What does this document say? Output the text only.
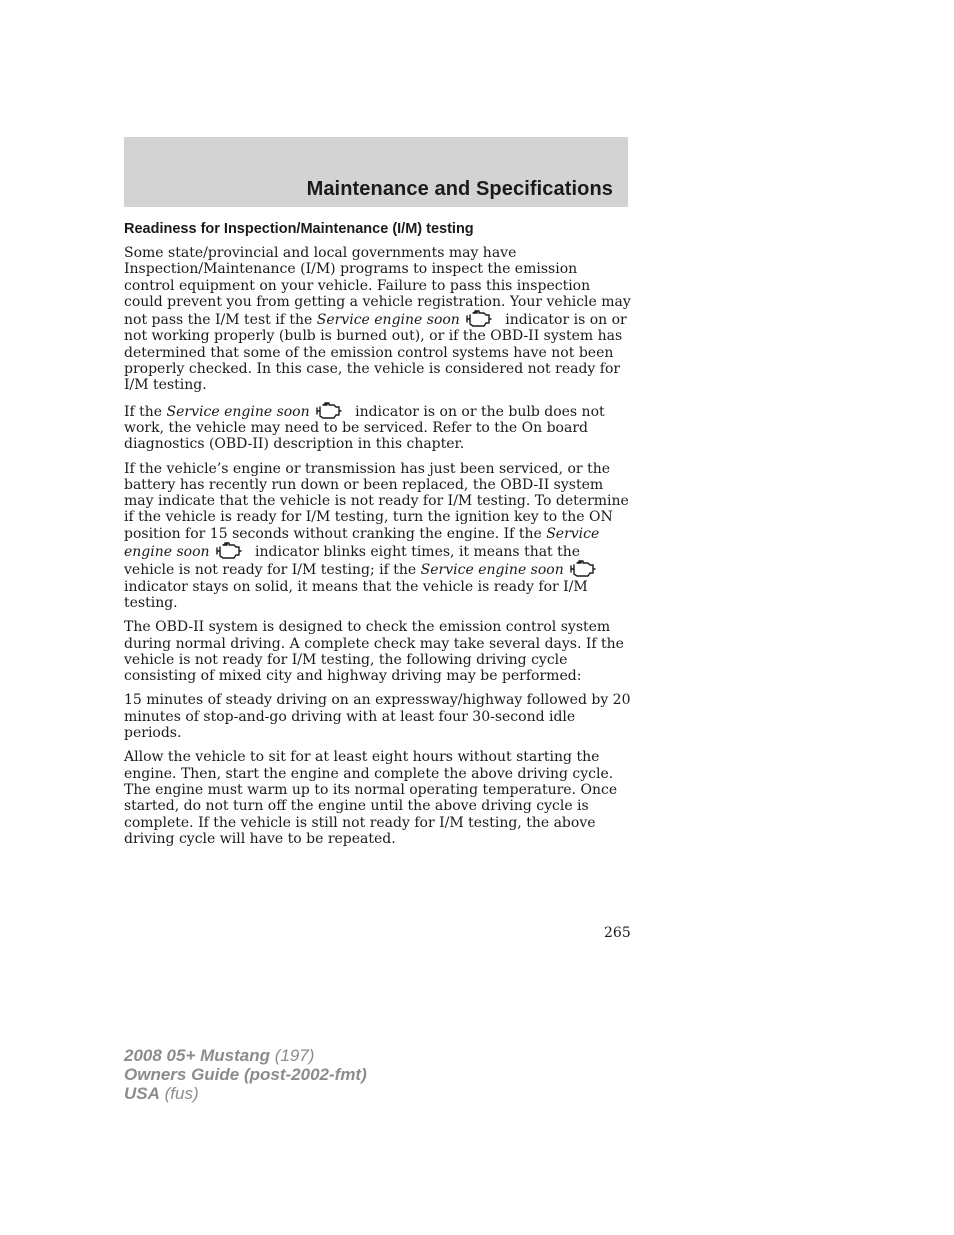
Maintenance and Specifications
Readiness for Inspection/Maintenance (I/M) testing

Some state/provincial and local governments may have Inspection/Maintenance (I/M) programs to inspect the emission control equipment on your vehicle. Failure to pass this inspection could prevent you from getting a vehicle registration. Your vehicle may not pass the I/M test if the Service engine soon	indicator is on or not working properly (bulb is burned out), or if the OBD-II system has determined that some of the emission control systems have not been properly checked. In this case, the vehicle is considered not ready for I/M testing.

If the Service engine soon	indicator is on or the bulb does not work, the vehicle may need to be serviced. Refer to the On board diagnostics (OBD-II) description in this chapter.

If the vehicle’s engine or transmission has just been serviced, or the battery has recently run down or been replaced, the OBD-II system may indicate that the vehicle is not ready for I/M testing. To determine if the vehicle is ready for I/M testing, turn the ignition key to the ON position for 15 seconds without cranking the engine. If the Service engine soon	indicator blinks eight times, it means that the vehicle is not ready for I/M testing; if the Service engine soon
indicator stays on solid, it means that the vehicle is ready for I/M testing.

The OBD-II system is designed to check the emission control system during normal driving. A complete check may take several days. If the vehicle is not ready for I/M testing, the following driving cycle consisting of mixed city and highway driving may be performed:

15 minutes of steady driving on an expressway/highway followed by 20 minutes of stop-and-go driving with at least four 30-second idle periods.

Allow the vehicle to sit for at least eight hours without starting the engine. Then, start the engine and complete the above driving cycle. The engine must warm up to its normal operating temperature. Once started, do not turn off the engine until the above driving cycle is complete. If the vehicle is still not ready for I/M testing, the above driving cycle will have to be repeated.

265
2008 05+ Mustang (197)
Owners Guide (post-2002-fmt)
USA (fus)
